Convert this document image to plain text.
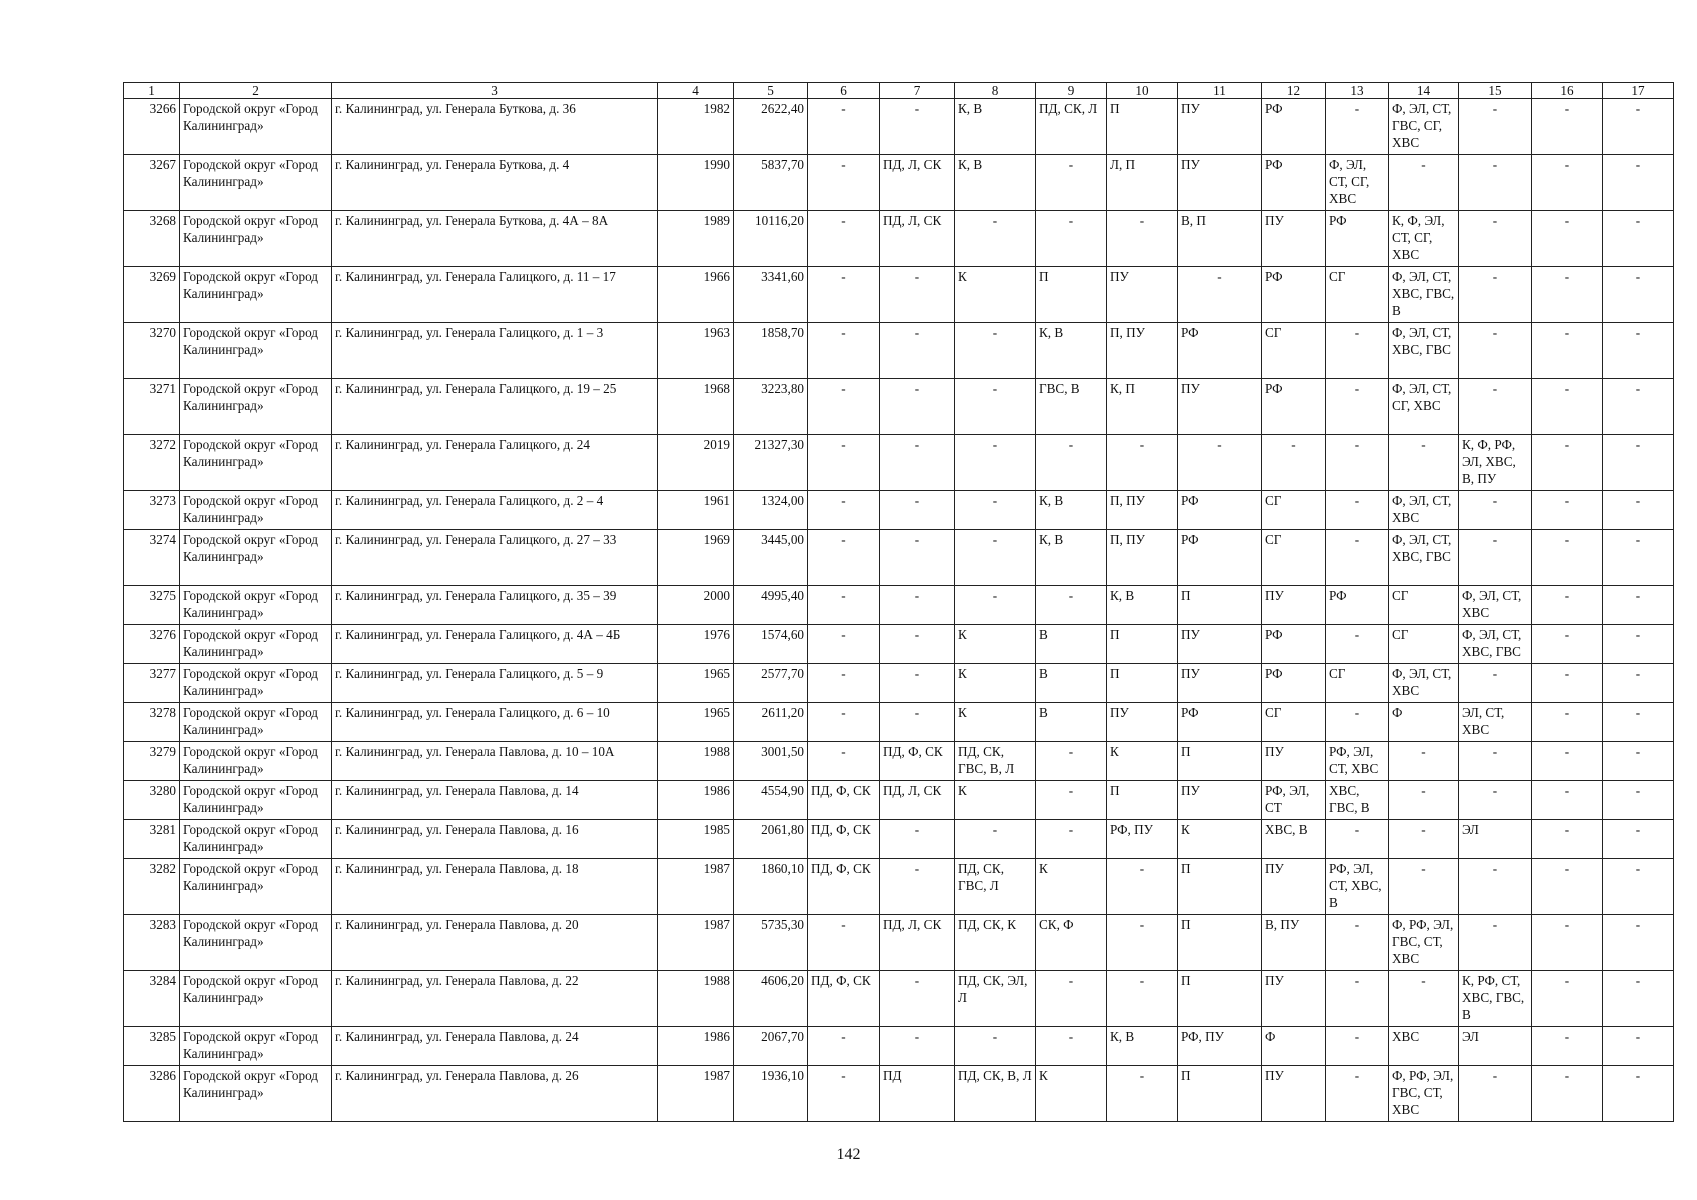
1	2	3	4	5	6	7	8	9	10	11	12	13	14	15	16	17
3266	Городской округ «Город Калининград»	г. Калининград, ул. Генерала Буткова, д. 36	1982	2622,40	-	-	К, В	ПД, СК, Л	П	ПУ	РФ	-	Ф, ЭЛ, СТ, ГВС, СГ, ХВС	-	-	-
3267	Городской округ «Город Калининград»	г. Калининград, ул. Генерала Буткова, д. 4	1990	5837,70	-	ПД, Л, СК	К, В	-	Л, П	ПУ	РФ	Ф, ЭЛ, СТ, СГ, ХВС	-	-	-	-
3268	Городской округ «Город Калининград»	г. Калининград, ул. Генерала Буткова, д. 4А – 8А	1989	10116,20	-	ПД, Л, СК	-	-	-	В, П	ПУ	РФ	К, Ф, ЭЛ, СТ, СГ, ХВС	-	-	-
3269	Городской округ «Город Калининград»	г. Калининград, ул. Генерала Галицкого, д. 11 – 17	1966	3341,60	-	-	К	П	ПУ	-	РФ	СГ	Ф, ЭЛ, СТ, ХВС, ГВС, В	-	-	-
3270	Городской округ «Город Калининград»	г. Калининград, ул. Генерала Галицкого, д. 1 – 3	1963	1858,70	-	-	-	К, В	П, ПУ	РФ	СГ	-	Ф, ЭЛ, СТ, ХВС, ГВС	-	-	-
3271	Городской округ «Город Калининград»	г. Калининград, ул. Генерала Галицкого, д. 19 – 25	1968	3223,80	-	-	-	ГВС, В	К, П	ПУ	РФ	-	Ф, ЭЛ, СТ, СГ, ХВС	-	-	-
3272	Городской округ «Город Калининград»	г. Калининград, ул. Генерала Галицкого, д. 24	2019	21327,30	-	-	-	-	-	-	-	-	-	К, Ф, РФ, ЭЛ, ХВС, В, ПУ	-	-
3273	Городской округ «Город Калининград»	г. Калининград, ул. Генерала Галицкого, д. 2 – 4	1961	1324,00	-	-	-	К, В	П, ПУ	РФ	СГ	-	Ф, ЭЛ, СТ, ХВС	-	-	-
3274	Городской округ «Город Калининград»	г. Калининград, ул. Генерала Галицкого, д. 27 – 33	1969	3445,00	-	-	-	К, В	П, ПУ	РФ	СГ	-	Ф, ЭЛ, СТ, ХВС, ГВС	-	-	-
3275	Городской округ «Город Калининград»	г. Калининград, ул. Генерала Галицкого, д. 35 – 39	2000	4995,40	-	-	-	-	К, В	П	ПУ	РФ	СГ	Ф, ЭЛ, СТ, ХВС	-	-
3276	Городской округ «Город Калининград»	г. Калининград, ул. Генерала Галицкого, д. 4А – 4Б	1976	1574,60	-	-	К	В	П	ПУ	РФ	-	СГ	Ф, ЭЛ, СТ, ХВС, ГВС	-	-
3277	Городской округ «Город Калининград»	г. Калининград, ул. Генерала Галицкого, д. 5 – 9	1965	2577,70	-	-	К	В	П	ПУ	РФ	СГ	Ф, ЭЛ, СТ, ХВС	-	-	-
3278	Городской округ «Город Калининград»	г. Калининград, ул. Генерала Галицкого, д. 6 – 10	1965	2611,20	-	-	К	В	ПУ	РФ	СГ	-	Ф	ЭЛ, СТ, ХВС	-	-
3279	Городской округ «Город Калининград»	г. Калининград, ул. Генерала Павлова, д. 10 – 10А	1988	3001,50	-	ПД, Ф, СК	ПД, СК, ГВС, В, Л	-	К	П	ПУ	РФ, ЭЛ, СТ, ХВС	-	-	-	-
3280	Городской округ «Город Калининград»	г. Калининград, ул. Генерала Павлова, д. 14	1986	4554,90	ПД, Ф, СК	ПД, Л, СК	К	-	П	ПУ	РФ, ЭЛ, СТ	ХВС, ГВС, В	-	-	-	-
3281	Городской округ «Город Калининград»	г. Калининград, ул. Генерала Павлова, д. 16	1985	2061,80	ПД, Ф, СК	-	-	-	РФ, ПУ	К	ХВС, В	-	-	ЭЛ	-	-
3282	Городской округ «Город Калининград»	г. Калининград, ул. Генерала Павлова, д. 18	1987	1860,10	ПД, Ф, СК	-	ПД, СК, ГВС, Л	К	-	П	ПУ	РФ, ЭЛ, СТ, ХВС, В	-	-	-	-
3283	Городской округ «Город Калининград»	г. Калининград, ул. Генерала Павлова, д. 20	1987	5735,30	-	ПД, Л, СК	ПД, СК, К	СК, Ф	-	П	В, ПУ	-	Ф, РФ, ЭЛ, ГВС, СТ, ХВС	-	-	-
3284	Городской округ «Город Калининград»	г. Калининград, ул. Генерала Павлова, д. 22	1988	4606,20	ПД, Ф, СК	-	ПД, СК, ЭЛ, Л	-	-	П	ПУ	-	-	К, РФ, СТ, ХВС, ГВС, В	-	-
3285	Городской округ «Город Калининград»	г. Калининград, ул. Генерала Павлова, д. 24	1986	2067,70	-	-	-	-	К, В	РФ, ПУ	Ф	-	ХВС	ЭЛ	-	-
3286	Городской округ «Город Калининград»	г. Калининград, ул. Генерала Павлова, д. 26	1987	1936,10	-	ПД	ПД, СК, В, Л	К	-	П	ПУ	-	Ф, РФ, ЭЛ, ГВС, СТ, ХВС	-	-	-
142
